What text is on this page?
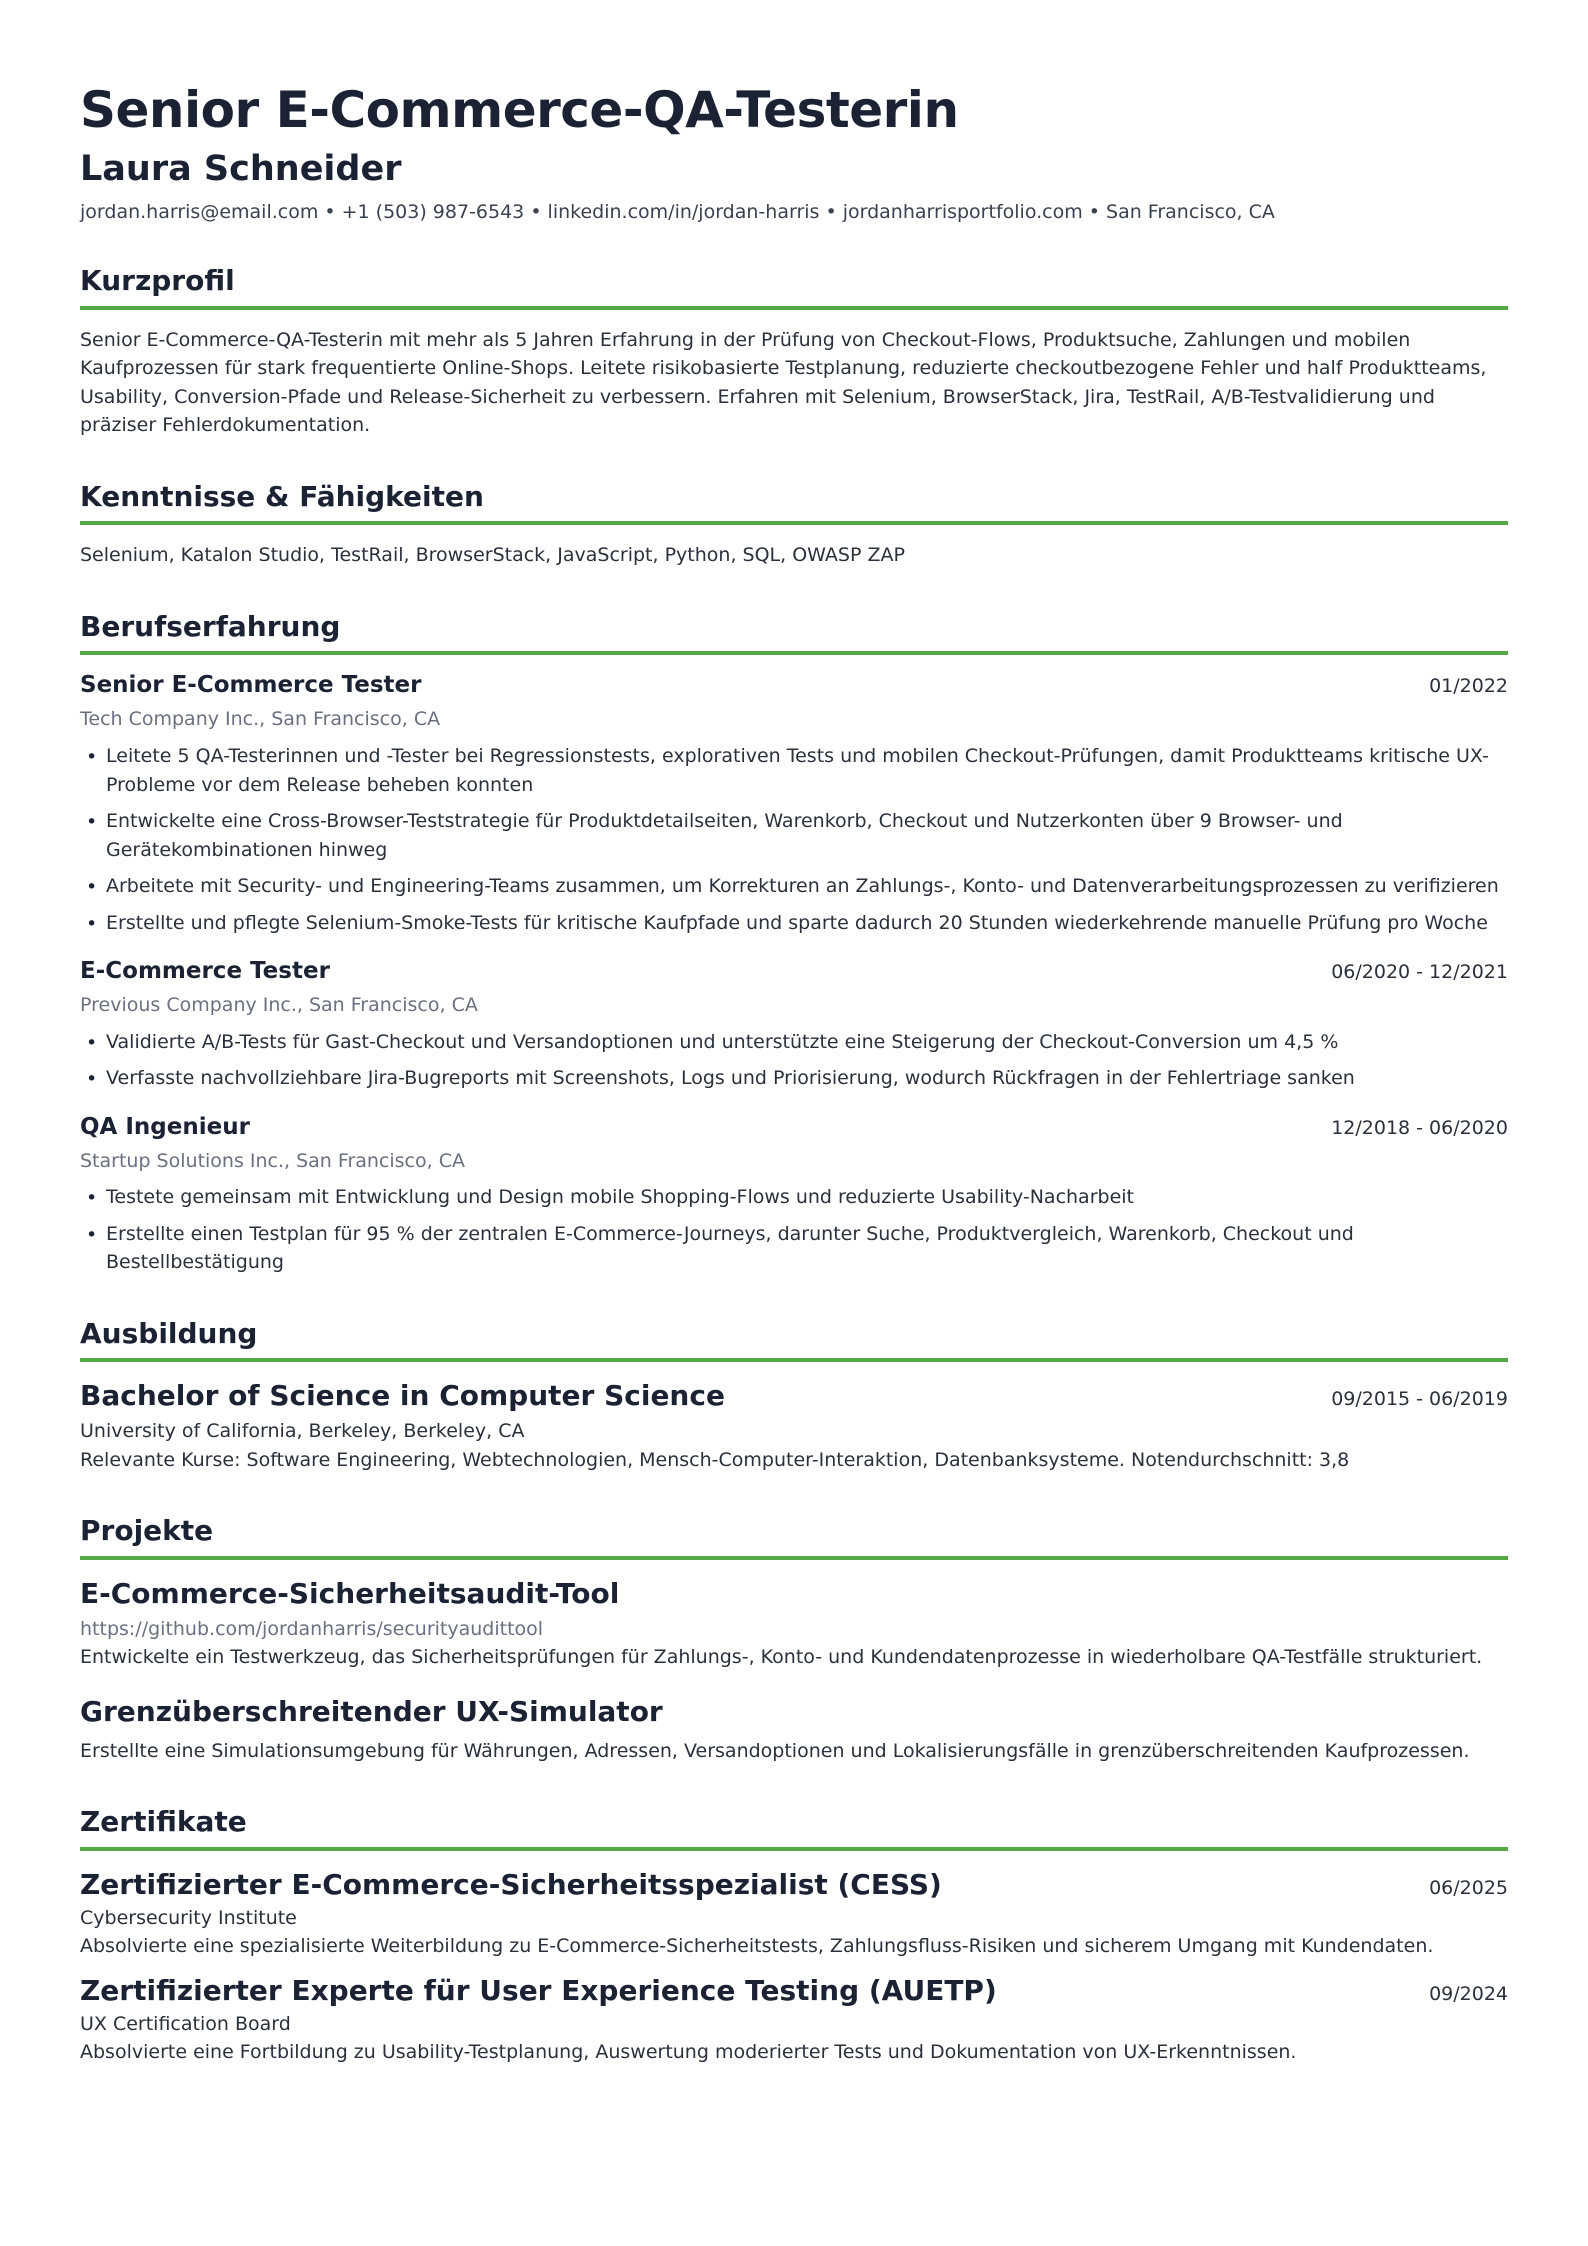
Senior E-Commerce-QA-Testerin
Laura Schneider
jordan.harris@email.com • +1 (503) 987-6543 • linkedin.com/in/jordan-harris • jordanharrisportfolio.com • San Francisco, CA
Kurzprofil
Senior E-Commerce-QA-Testerin mit mehr als 5 Jahren Erfahrung in der Prüfung von Checkout-Flows, Produktsuche, Zahlungen und mobilen Kaufprozessen für stark frequentierte Online-Shops. Leitete risikobasierte Testplanung, reduzierte checkoutbezogene Fehler und half Produktteams, Usability, Conversion-Pfade und Release-Sicherheit zu verbessern. Erfahren mit Selenium, BrowserStack, Jira, TestRail, A/B-Testvalidierung und präziser Fehlerdokumentation.
Kenntnisse & Fähigkeiten
Selenium, Katalon Studio, TestRail, BrowserStack, JavaScript, Python, SQL, OWASP ZAP
Berufserfahrung
Senior E-Commerce Tester	01/2022
Tech Company Inc., San Francisco, CA
• Leitete 5 QA-Testerinnen und -Tester bei Regressionstests, explorativen Tests und mobilen Checkout-Prüfungen, damit Produktteams kritische UX-Probleme vor dem Release beheben konnten
• Entwickelte eine Cross-Browser-Teststrategie für Produktdetailseiten, Warenkorb, Checkout und Nutzerkonten über 9 Browser- und Gerätekombinationen hinweg
• Arbeitete mit Security- und Engineering-Teams zusammen, um Korrekturen an Zahlungs-, Konto- und Datenverarbeitungsprozessen zu verifizieren
• Erstellte und pflegte Selenium-Smoke-Tests für kritische Kaufpfade und sparte dadurch 20 Stunden wiederkehrende manuelle Prüfung pro Woche
E-Commerce Tester	06/2020 - 12/2021
Previous Company Inc., San Francisco, CA
• Validierte A/B-Tests für Gast-Checkout und Versandoptionen und unterstützte eine Steigerung der Checkout-Conversion um 4,5 %
• Verfasste nachvollziehbare Jira-Bugreports mit Screenshots, Logs und Priorisierung, wodurch Rückfragen in der Fehlertriage sanken
QA Ingenieur	12/2018 - 06/2020
Startup Solutions Inc., San Francisco, CA
• Testete gemeinsam mit Entwicklung und Design mobile Shopping-Flows und reduzierte Usability-Nacharbeit
• Erstellte einen Testplan für 95 % der zentralen E-Commerce-Journeys, darunter Suche, Produktvergleich, Warenkorb, Checkout und Bestellbestätigung
Ausbildung
Bachelor of Science in Computer Science	09/2015 - 06/2019
University of California, Berkeley, Berkeley, CA
Relevante Kurse: Software Engineering, Webtechnologien, Mensch-Computer-Interaktion, Datenbanksysteme. Notendurchschnitt: 3,8
Projekte
E-Commerce-Sicherheitsaudit-Tool
https://github.com/jordanharris/securityaudittool
Entwickelte ein Testwerkzeug, das Sicherheitsprüfungen für Zahlungs-, Konto- und Kundendatenprozesse in wiederholbare QA-Testfälle strukturiert.
Grenzüberschreitender UX-Simulator
Erstellte eine Simulationsumgebung für Währungen, Adressen, Versandoptionen und Lokalisierungsfälle in grenzüberschreitenden Kaufprozessen.
Zertifikate
Zertifizierter E-Commerce-Sicherheitsspezialist (CESS)	06/2025
Cybersecurity Institute
Absolvierte eine spezialisierte Weiterbildung zu E-Commerce-Sicherheitstests, Zahlungsfluss-Risiken und sicherem Umgang mit Kundendaten.
Zertifizierter Experte für User Experience Testing (AUETP)	09/2024
UX Certification Board
Absolvierte eine Fortbildung zu Usability-Testplanung, Auswertung moderierter Tests und Dokumentation von UX-Erkenntnissen.
